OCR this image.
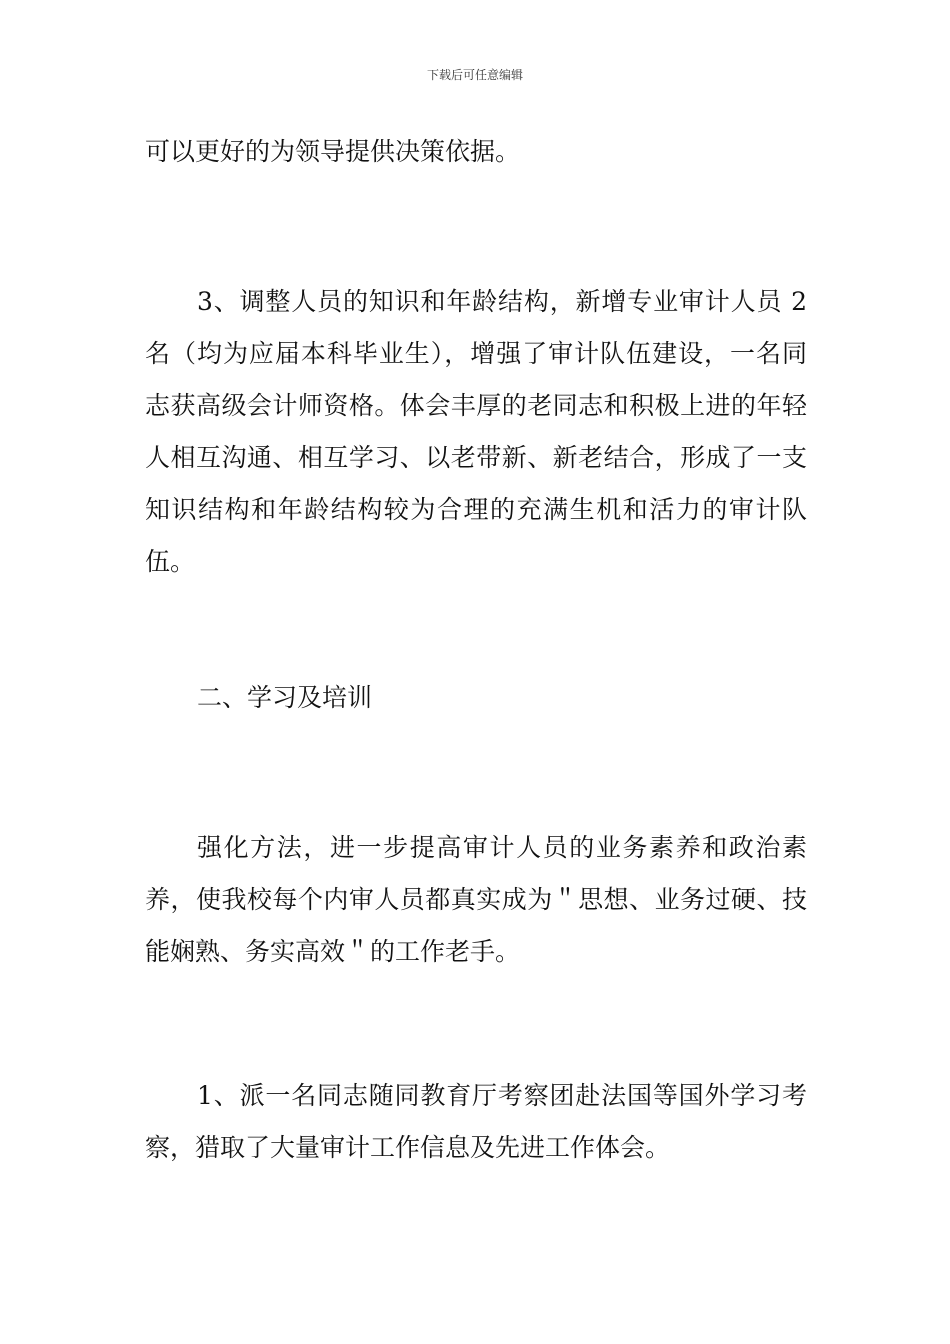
下载后可任意编辑

可以更好的为领导提供决策依据。

3、调整人员的知识和年龄结构，新增专业审计人员 2 名（均为应届本科毕业生），增强了审计队伍建设，一名同志获高级会计师资格。体会丰厚的老同志和积极上进的年轻人相互沟通、相互学习、以老带新、新老结合，形成了一支知识结构和年龄结构较为合理的充满生机和活力的审计队伍。

二、学习及培训

强化方法，进一步提高审计人员的业务素养和政治素养，使我校每个内审人员都真实成为＂思想、业务过硬、技能娴熟、务实高效＂的工作老手。

1、派一名同志随同教育厅考察团赴法国等国外学习考察，猎取了大量审计工作信息及先进工作体会。
